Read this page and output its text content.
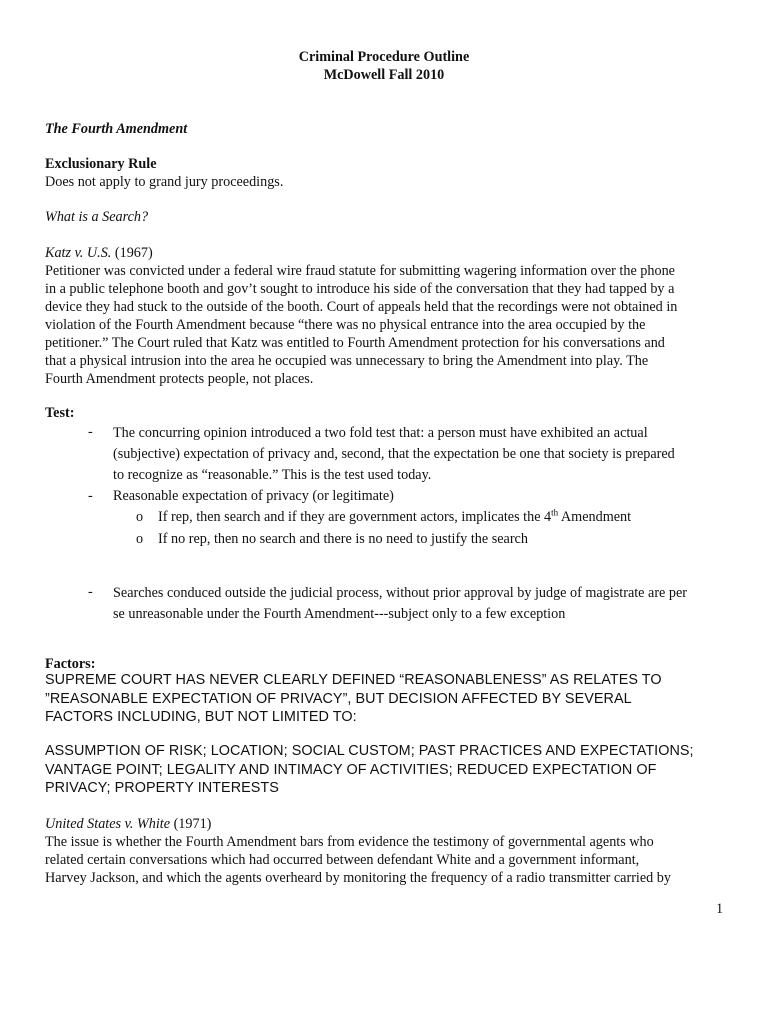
Criminal Procedure Outline
McDowell Fall 2010
The Fourth Amendment
Exclusionary Rule
Does not apply to grand jury proceedings.
What is a Search?
Katz v. U.S. (1967)
Petitioner was convicted under a federal wire fraud statute for submitting wagering information over the phone
in a public telephone booth and gov’t sought to introduce his side of the conversation that they had tapped by a
device they had stuck to the outside of the booth. Court of appeals held that the recordings were not obtained in
violation of the Fourth Amendment because “there was no physical entrance into the area occupied by the
petitioner.” The Court ruled that Katz was entitled to Fourth Amendment protection for his conversations and
that a physical intrusion into the area he occupied was unnecessary to bring the Amendment into play. The
Fourth Amendment protects people, not places.
Test:
- The concurring opinion introduced a two fold test that: a person must have exhibited an actual
(subjective) expectation of privacy and, second, that the expectation be one that society is prepared
to recognize as “reasonable.” This is the test used today.
- Reasonable expectation of privacy (or legitimate)
o If rep, then search and if they are government actors, implicates the 4th Amendment
o If no rep, then no search and there is no need to justify the search
- Searches conduced outside the judicial process, without prior approval by judge of magistrate are per
se unreasonable under the Fourth Amendment---subject only to a few exception
Factors:
SUPREME COURT HAS NEVER CLEARLY DEFINED “REASONABLENESS” AS RELATES TO
”REASONABLE EXPECTATION OF PRIVACY”, BUT DECISION AFFECTED BY SEVERAL
FACTORS INCLUDING, BUT NOT LIMITED TO:
ASSUMPTION OF RISK; LOCATION; SOCIAL CUSTOM; PAST PRACTICES AND EXPECTATIONS;
VANTAGE POINT; LEGALITY AND INTIMACY OF ACTIVITIES; REDUCED EXPECTATION OF
PRIVACY; PROPERTY INTERESTS
United States v. White (1971)
The issue is whether the Fourth Amendment bars from evidence the testimony of governmental agents who
related certain conversations which had occurred between defendant White and a government informant,
Harvey Jackson, and which the agents overheard by monitoring the frequency of a radio transmitter carried by
1
